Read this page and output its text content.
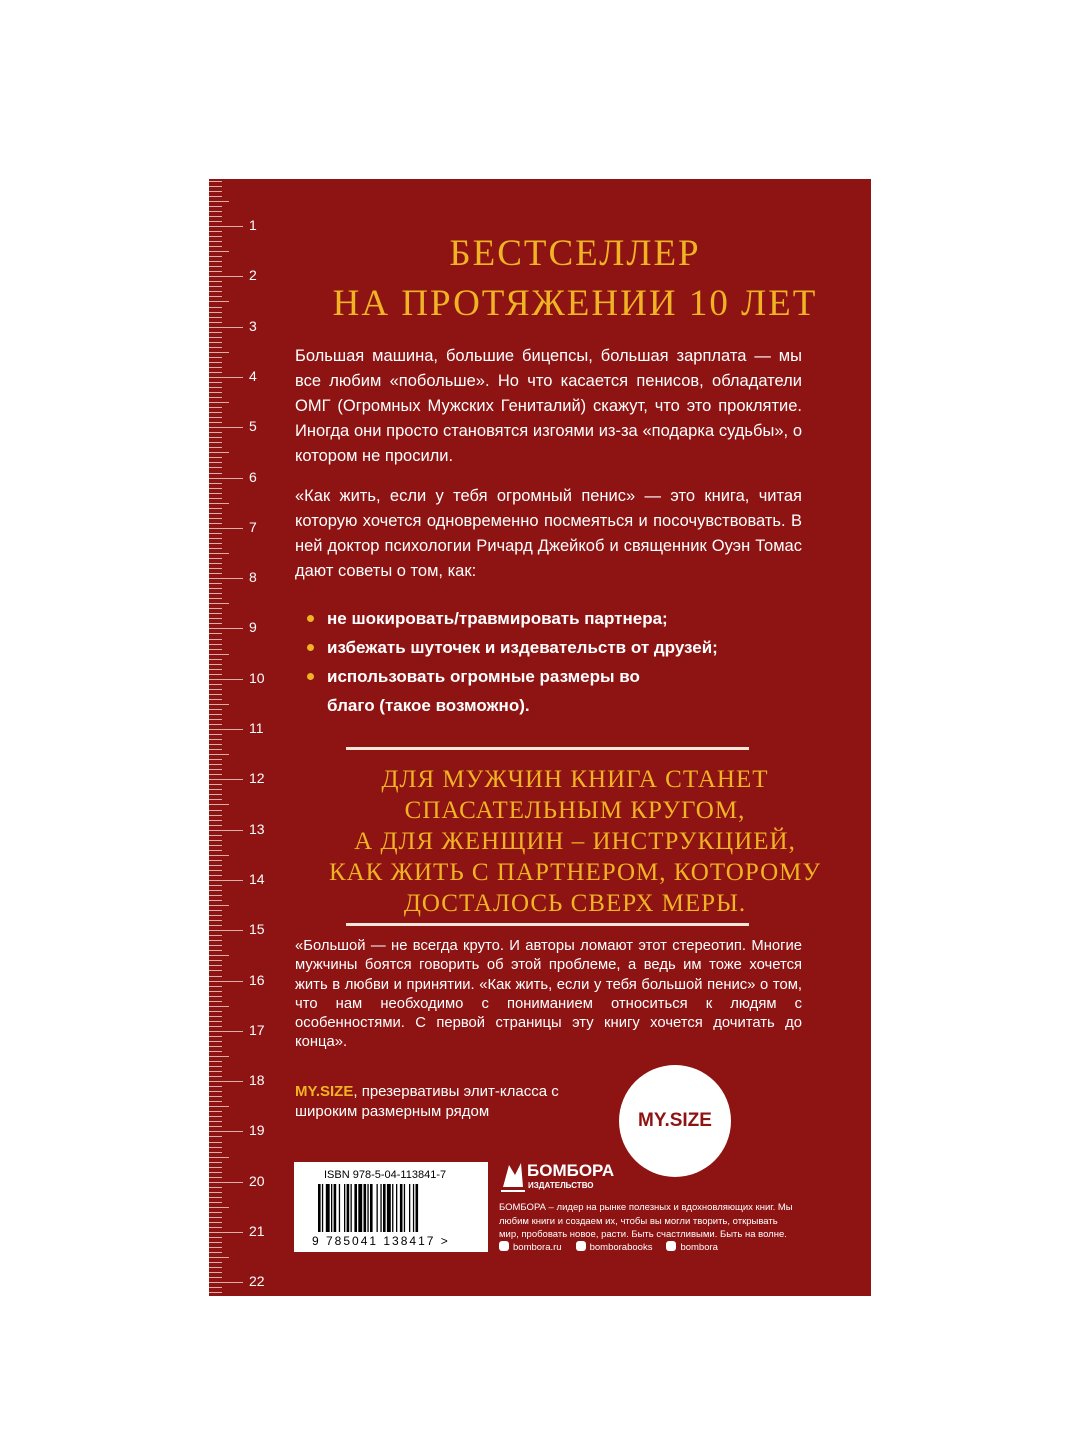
1
2
3
4
5
6
7
8
9
10
11
12
13
14
15
16
17
18
19
20
21
22
БЕСТСЕЛЛЕР
НА ПРОТЯЖЕНИИ 10 ЛЕТ
Большая машина, большие бицепсы, большая зарплата — мы все любим «побольше». Но что касается пенисов, обладатели ОМГ (Огромных Мужских Гениталий) скажут, что это проклятие. Иногда они просто становятся изгоями из-за «подарка судьбы», о котором не просили.
«Как жить, если у тебя огромный пенис» — это книга, читая которую хочется одновременно посмеяться и посочувствовать. В ней доктор психологии Ричард Джейкоб и священник Оуэн Томас дают советы о том, как:
не шокировать/травмировать партнера;
избежать шуточек и издевательств от друзей;
использовать огромные размеры во благо (такое возможно).
ДЛЯ МУЖЧИН КНИГА СТАНЕТ
СПАСАТЕЛЬНЫМ КРУГОМ,
А ДЛЯ ЖЕНЩИН – ИНСТРУКЦИЕЙ,
КАК ЖИТЬ С ПАРТНЕРОМ, КОТОРОМУ
ДОСТАЛОСЬ СВЕРХ МЕРЫ.
«Большой — не всегда круто. И авторы ломают этот стереотип. Многие мужчины боятся говорить об этой проблеме, а ведь им тоже хочется жить в любви и принятии. «Как жить, если у тебя большой пенис» о том, что нам необходимо с пониманием относиться к людям с особенностями. С первой страницы эту книгу хочется дочитать до конца».
MY.SIZE, презервативы элит-класса с широким размерным рядом	MY.SIZE
ISBN 978-5-04-113841-7
9 785041 138417 >
БОМБОРА
ИЗДАТЕЛЬСТВО
БОМБОРА – лидер на рынке полезных и вдохновляющих книг. Мы любим книги и создаем их, чтобы вы могли творить, открывать мир, пробовать новое, расти. Быть счастливыми. Быть на волне.
bombora.ru	bomborabooks	bombora
